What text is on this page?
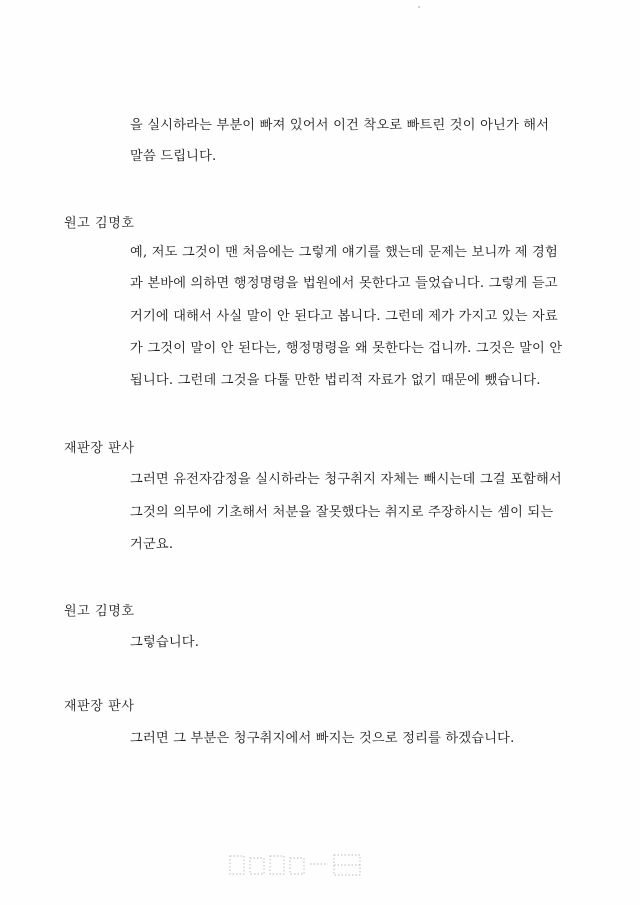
을 실시하라는 부분이 빠져 있어서 이건 착오로 빠트린 것이 아닌가 해서
말씀 드립니다.
원고 김명호
예, 저도 그것이 맨 처음에는 그렇게 얘기를 했는데 문제는 보니까 제 경험
과 본바에 의하면 행정명령을 법원에서 못한다고 들었습니다. 그렇게 듣고
거기에 대해서 사실 말이 안 된다고 봅니다. 그런데 제가 가지고 있는 자료
가 그것이 말이 안 된다는, 행정명령을 왜 못한다는 겁니까. 그것은 말이 안
됩니다. 그런데 그것을 다툴 만한 법리적 자료가 없기 때문에 뺐습니다.
재판장 판사
그러면 유전자감정을 실시하라는 청구취지 자체는 빼시는데 그걸 포함해서
그것의 의무에 기초해서 처분을 잘못했다는 취지로 주장하시는 셈이 되는
거군요.
원고 김명호
그렇습니다.
재판장 판사
그러면 그 부분은 청구취지에서 빠지는 것으로 정리를 하겠습니다.
